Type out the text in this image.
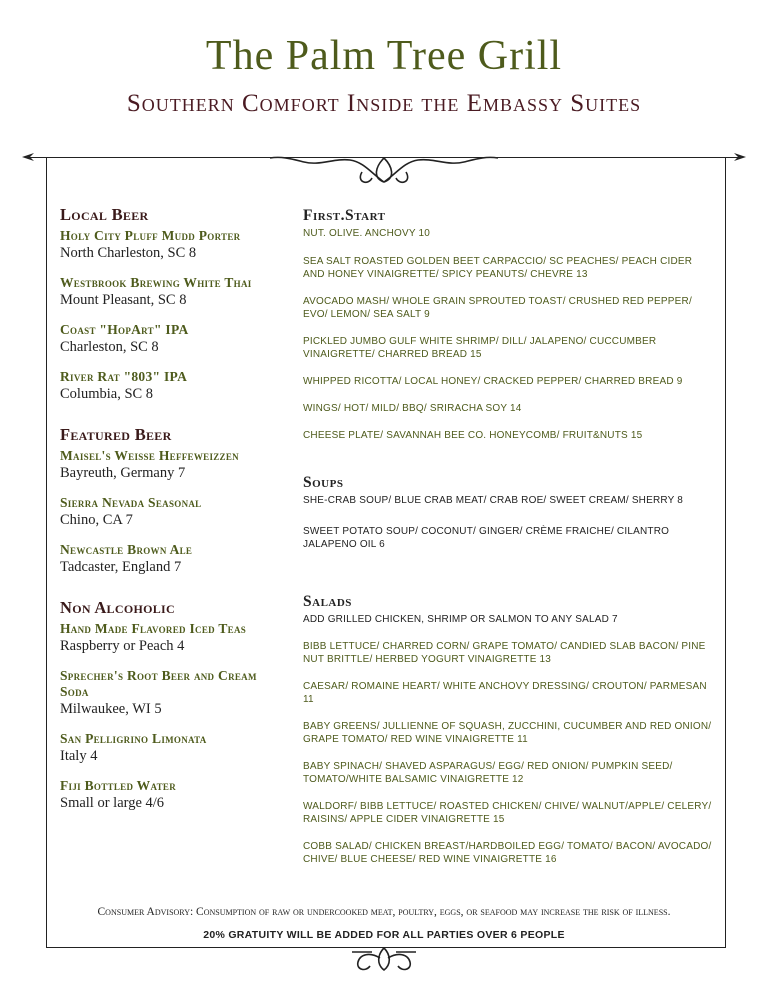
The Palm Tree Grill
Southern Comfort Inside the Embassy Suites
Local Beer
Holy City Pluff Mudd Porter
North Charleston, SC 8
Westbrook Brewing White Thai
Mount Pleasant, SC 8
Coast "HopArt" IPA
Charleston, SC 8
River Rat "803" IPA
Columbia, SC 8
Featured Beer
Maisel's Weisse Heffeweizzen
Bayreuth, Germany 7
Sierra Nevada Seasonal
Chino, CA 7
Newcastle Brown Ale
Tadcaster, England 7
Non Alcoholic
Hand Made Flavored Iced Teas
Raspberry or Peach 4
Sprecher's Root Beer and Cream Soda
Milwaukee, WI 5
San Pelligrino Limonata
Italy 4
Fiji Bottled Water
Small or large 4/6
First.Start
NUT. OLIVE. ANCHOVY 10
SEA SALT ROASTED GOLDEN BEET CARPACCIO/ SC PEACHES/ PEACH CIDER AND HONEY VINAIGRETTE/ SPICY PEANUTS/ CHEVRE 13
AVOCADO MASH/ WHOLE GRAIN SPROUTED TOAST/ CRUSHED RED PEPPER/ EVO/ LEMON/ SEA SALT 9
PICKLED JUMBO GULF WHITE SHRIMP/ DILL/ JALAPENO/ CUCCUMBER VINAIGRETTE/ CHARRED BREAD 15
WHIPPED RICOTTA/ LOCAL HONEY/ CRACKED PEPPER/ CHARRED BREAD 9
WINGS/ HOT/ MILD/ BBQ/ SRIRACHA SOY 14
CHEESE PLATE/ SAVANNAH BEE CO. HONEYCOMB/ FRUIT&NUTS 15
Soups
SHE-CRAB SOUP/ BLUE CRAB MEAT/ CRAB ROE/ SWEET CREAM/ SHERRY 8
SWEET POTATO SOUP/ COCONUT/ GINGER/ CRÈME FRAICHE/ CILANTRO JALAPENO OIL 6
Salads
ADD GRILLED CHICKEN, SHRIMP OR SALMON TO ANY SALAD 7
BIBB LETTUCE/ CHARRED CORN/ GRAPE TOMATO/ CANDIED SLAB BACON/ PINE NUT BRITTLE/ HERBED YOGURT VINAIGRETTE 13
CAESAR/ ROMAINE HEART/ WHITE ANCHOVY DRESSING/ CROUTON/ PARMESAN 11
BABY GREENS/ JULLIENNE OF SQUASH, ZUCCHINI, CUCUMBER AND RED ONION/ GRAPE TOMATO/ RED WINE VINAIGRETTE 11
BABY SPINACH/ SHAVED ASPARAGUS/ EGG/ RED ONION/ PUMPKIN SEED/ TOMATO/WHITE BALSAMIC VINAIGRETTE 12
WALDORF/ BIBB LETTUCE/ ROASTED CHICKEN/ CHIVE/ WALNUT/APPLE/ CELERY/ RAISINS/ APPLE CIDER VINAIGRETTE 15
COBB SALAD/ CHICKEN BREAST/HARDBOILED EGG/ TOMATO/ BACON/ AVOCADO/ CHIVE/ BLUE CHEESE/ RED WINE VINAIGRETTE 16
Consumer Advisory: Consumption of raw or undercooked meat, poultry, eggs, or seafood may increase the risk of illness.
20% GRATUITY WILL BE ADDED FOR ALL PARTIES OVER 6 PEOPLE
